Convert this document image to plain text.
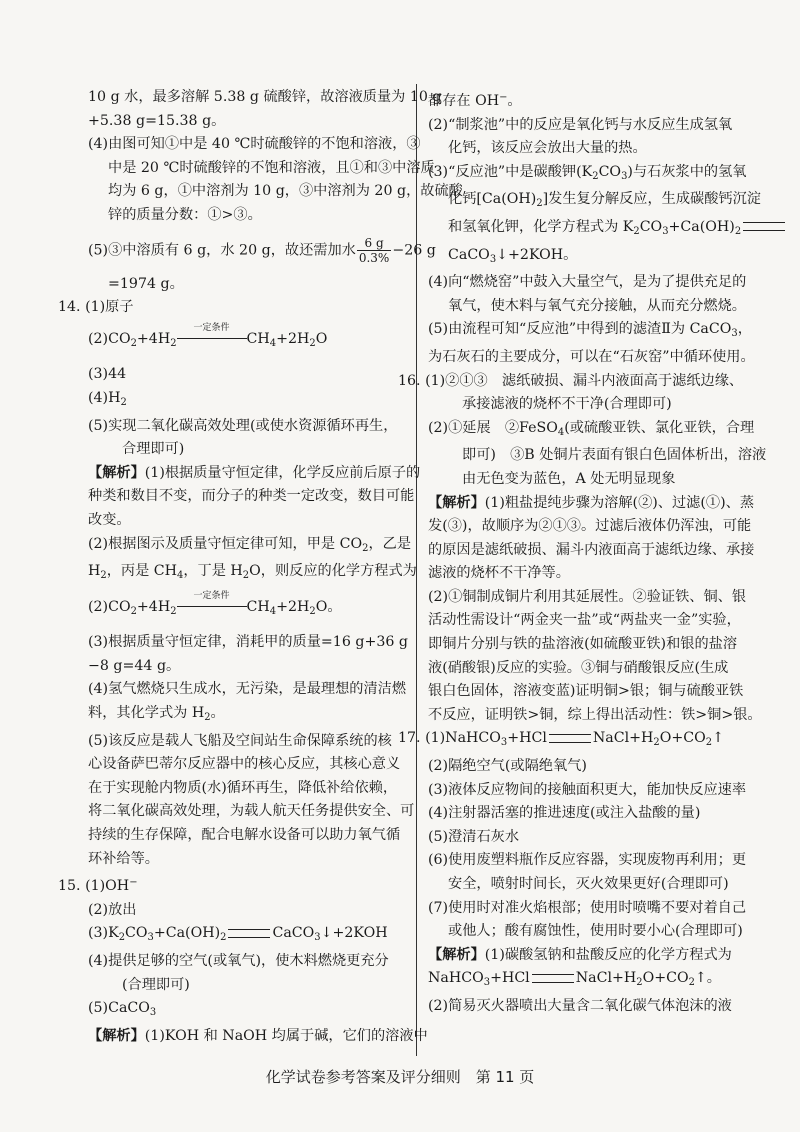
10 g 水，最多溶解 5.38 g 硫酸锌，故溶液质量为 10 g
+5.38 g=15.38 g。
(4)由图可知①中是 40 ℃时硫酸锌的不饱和溶液，③
中是 20 ℃时硫酸锌的不饱和溶液，且①和③中溶质
均为 6 g，①中溶剂为 10 g，③中溶剂为 20 g，故硫酸
锌的质量分数：①>③。
(5)③中溶质有 6 g，水 20 g，故还需加水 $\frac{6 g}{0.3\%} -26$ g
=1974 g。
14. (1)原子
$(2)CO_2+4H_2$
一定条件
$CH_4+2H_2O$
(3)44
$(4)H_2$
(5)实现二氧化碳高效处理(或使水资源循环再生，
合理即可)
【解析】(1)根据质量守恒定律，化学反应前后原子的
种类和数目不变，而分子的种类一定改变，数目可能
改变。
(2)根据图示及质量守恒定律可知，甲是 $CO_2$，乙是
$H_2$，丙是 $CH_4$，丁是 $H_2O$，则反应的化学方程式为
$(2)CO_2+4H_2$
一定条件
$CH_4+2H_2O$。
(3)根据质量守恒定律，消耗甲的质量=16 g+36 g
−8 g=44 g。
(4)氢气燃烧只生成水，无污染，是最理想的清洁燃
料，其化学式为 $H_2$。
(5)该反应是载人飞船及空间站生命保障系统的核
心设备萨巴蒂尔反应器中的核心反应，其核心意义
在于实现舱内物质(水)循环再生，降低补给依赖，
将二氧化碳高效处理，为载人航天任务提供安全、可
持续的生存保障，配合电解水设备可以助力氧气循
环补给等。
15. (1)OH−
(2)放出
$(3)K_2CO_3+Ca(OH)_2$	CaCO$_3$↓+2KOH
(4)提供足够的空气(或氧气)，使木料燃烧更充分
(合理即可)
(5)CaCO$_3$
【解析】(1)KOH 和 NaOH 均属于碱，它们的溶液中
都存在 OH−。
(2)“制浆池”中的反应是氧化钙与水反应生成氢氧
化钙，该反应会放出大量的热。
(3)“反应池”中是碳酸钾$(K_2CO_3)$与石灰浆中的氢氧
化钙$[Ca(OH)_2]$发生复分解反应，生成碳酸钙沉淀
和氢氧化钾，化学方程式为 $K_2CO_3+Ca(OH)_2$
CaCO$_3$↓+2KOH。
(4)向“燃烧窑”中鼓入大量空气，是为了提供充足的
氧气，使木料与氧气充分接触，从而充分燃烧。
(5)由流程可知“反应池”中得到的滤渣Ⅱ为 CaCO$_3$，
为石灰石的主要成分，可以在“石灰窑”中循环使用。
16. (1)②①③　滤纸破损、漏斗内液面高于滤纸边缘、
承接滤液的烧杯不干净(合理即可)
(2)①延展　②FeSO$_4$(或硫酸亚铁、氯化亚铁，合理
即可)　③B 处铜片表面有银白色固体析出，溶液
由无色变为蓝色，A 处无明显现象
【解析】(1)粗盐提纯步骤为溶解(②)、过滤(①)、蒸
发(③)，故顺序为②①③。过滤后液体仍浑浊，可能
的原因是滤纸破损、漏斗内液面高于滤纸边缘、承接
滤液的烧杯不干净等。
(2)①铜制成铜片利用其延展性。②验证铁、铜、银
活动性需设计“两金夹一盐”或“两盐夹一金”实验，
即铜片分别与铁的盐溶液(如硫酸亚铁)和银的盐溶
液(硝酸银)反应的实验。③铜与硝酸银反应(生成
银白色固体，溶液变蓝)证明铜>银；铜与硫酸亚铁
不反应，证明铁>铜，综上得出活动性：铁>铜>银。
17. (1)NaHCO$_3$+HCl	$NaCl+H_2O+CO_2↑$
(2)隔绝空气(或隔绝氧气)
(3)液体反应物间的接触面积更大，能加快反应速率
(4)注射器活塞的推进速度(或注入盐酸的量)
(5)澄清石灰水
(6)使用废塑料瓶作反应容器，实现废物再利用；更
安全，喷射时间长，灭火效果更好(合理即可)
(7)使用时对准火焰根部；使用时喷嘴不要对着自己
或他人；酸有腐蚀性，使用时要小心(合理即可)
【解析】(1)碳酸氢钠和盐酸反应的化学方程式为
NaHCO$_3$+HCl	$NaCl+H_2O+CO_2↑$。
(2)简易灭火器喷出大量含二氧化碳气体泡沫的液
化学试卷参考答案及评分细则　第 11 页
